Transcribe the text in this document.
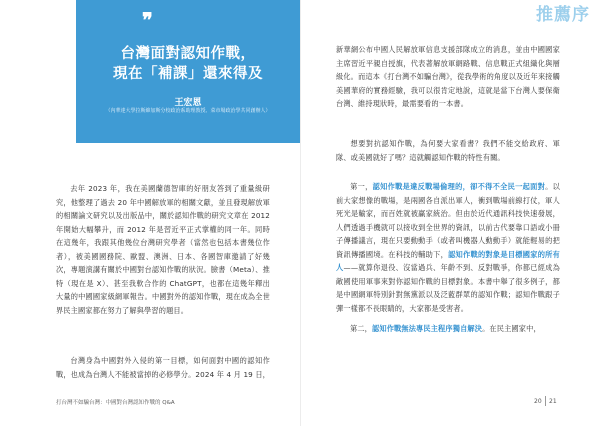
❞
台灣面對認知作戰，
現在「補課」還來得及
王宏恩
（內華達大學拉斯維加斯分校政治系助理教授、菜市場政治學共同創辦人）
推薦序

去年 2023 年，我在美國蘭德智庫的好朋友答到了重量級研究，他整理了過去 20 年中國解放軍的相關文獻，並且發現解放軍的相關論文研究以及出版品中，關於認知作戰的研究文章在 2012 年開始大幅攀升，而 2012 年是習近平正式掌權的同一年。同時在這幾年，我跟其他幾位台灣研究學者（當然也包括本書幾位作者），被美國國務院、歐盟、澳洲、日本、各國智庫邀請了好幾次，專題演講有關於中國對台認知作戰的狀況。臉書（Meta）、推特（現在是 X）、甚至我軟合作的 ChatGPT，也都在這幾年釋出大量的中國國家級網軍報告。中國對外的認知作戰，現在成為全世界民主國家都在努力了解與學習的題目。

台灣身為中國對外入侵的第一目標，如何面對中國的認知作戰，也成為台灣人不能被當掉的必修學分。2024 年 4 月 19 日，

新華網公布中國人民解放軍信息支援部隊成立的消息，並由中國國家主席習近平親自授旗，代表著解放軍網路戰、信息戰正式組織化與層級化。而這本《打台灣不如騙台灣》，從我學術的角度以及近年來接觸美國華府的實務經驗，我可以很肯定地說，這就是當下台灣人要保衛台灣、維持現狀時，最需要看的一本書。

想要對抗認知作戰，為何要大家看書？我們不能交給政府、軍隊、或美國就好了嗎？這就觸認知作戰的特性有關。

第一，認知作戰是違反戰場倫理的，卻不得不全民一起面對。以前大家想像的戰場，是兩國各自派出軍人，衝到戰場前線打仗，軍人死光是輸家，而百姓就被贏家統治。但由於近代通訊科技快速發展，人們透過手機就可以接收到全世界的資訊，以前古代要靠口語或小冊子傳播議言，現在只要動動手（或者叫機器人動動手）就能輕易的把資訊傳播國境。在科技的輔助下，認知作戰的對象是目標國家的所有人——就算你退役、沒當過兵、年齡不到、反對戰爭，你都已經成為敵國使用軍事來對你認知作戰的目標對象。本書中舉了很多例子，都是中國網軍特別針對無黨派以及泛藍群眾的認知作戰；認知作戰跟子彈一樣都不長眼睛的，大家都是受害者。

第二，認知作戰無法專民主程序獨自解決。在民主國家中，

打台灣不如騙台灣：中國對台灣認知作戰的 Q&A	20 21
